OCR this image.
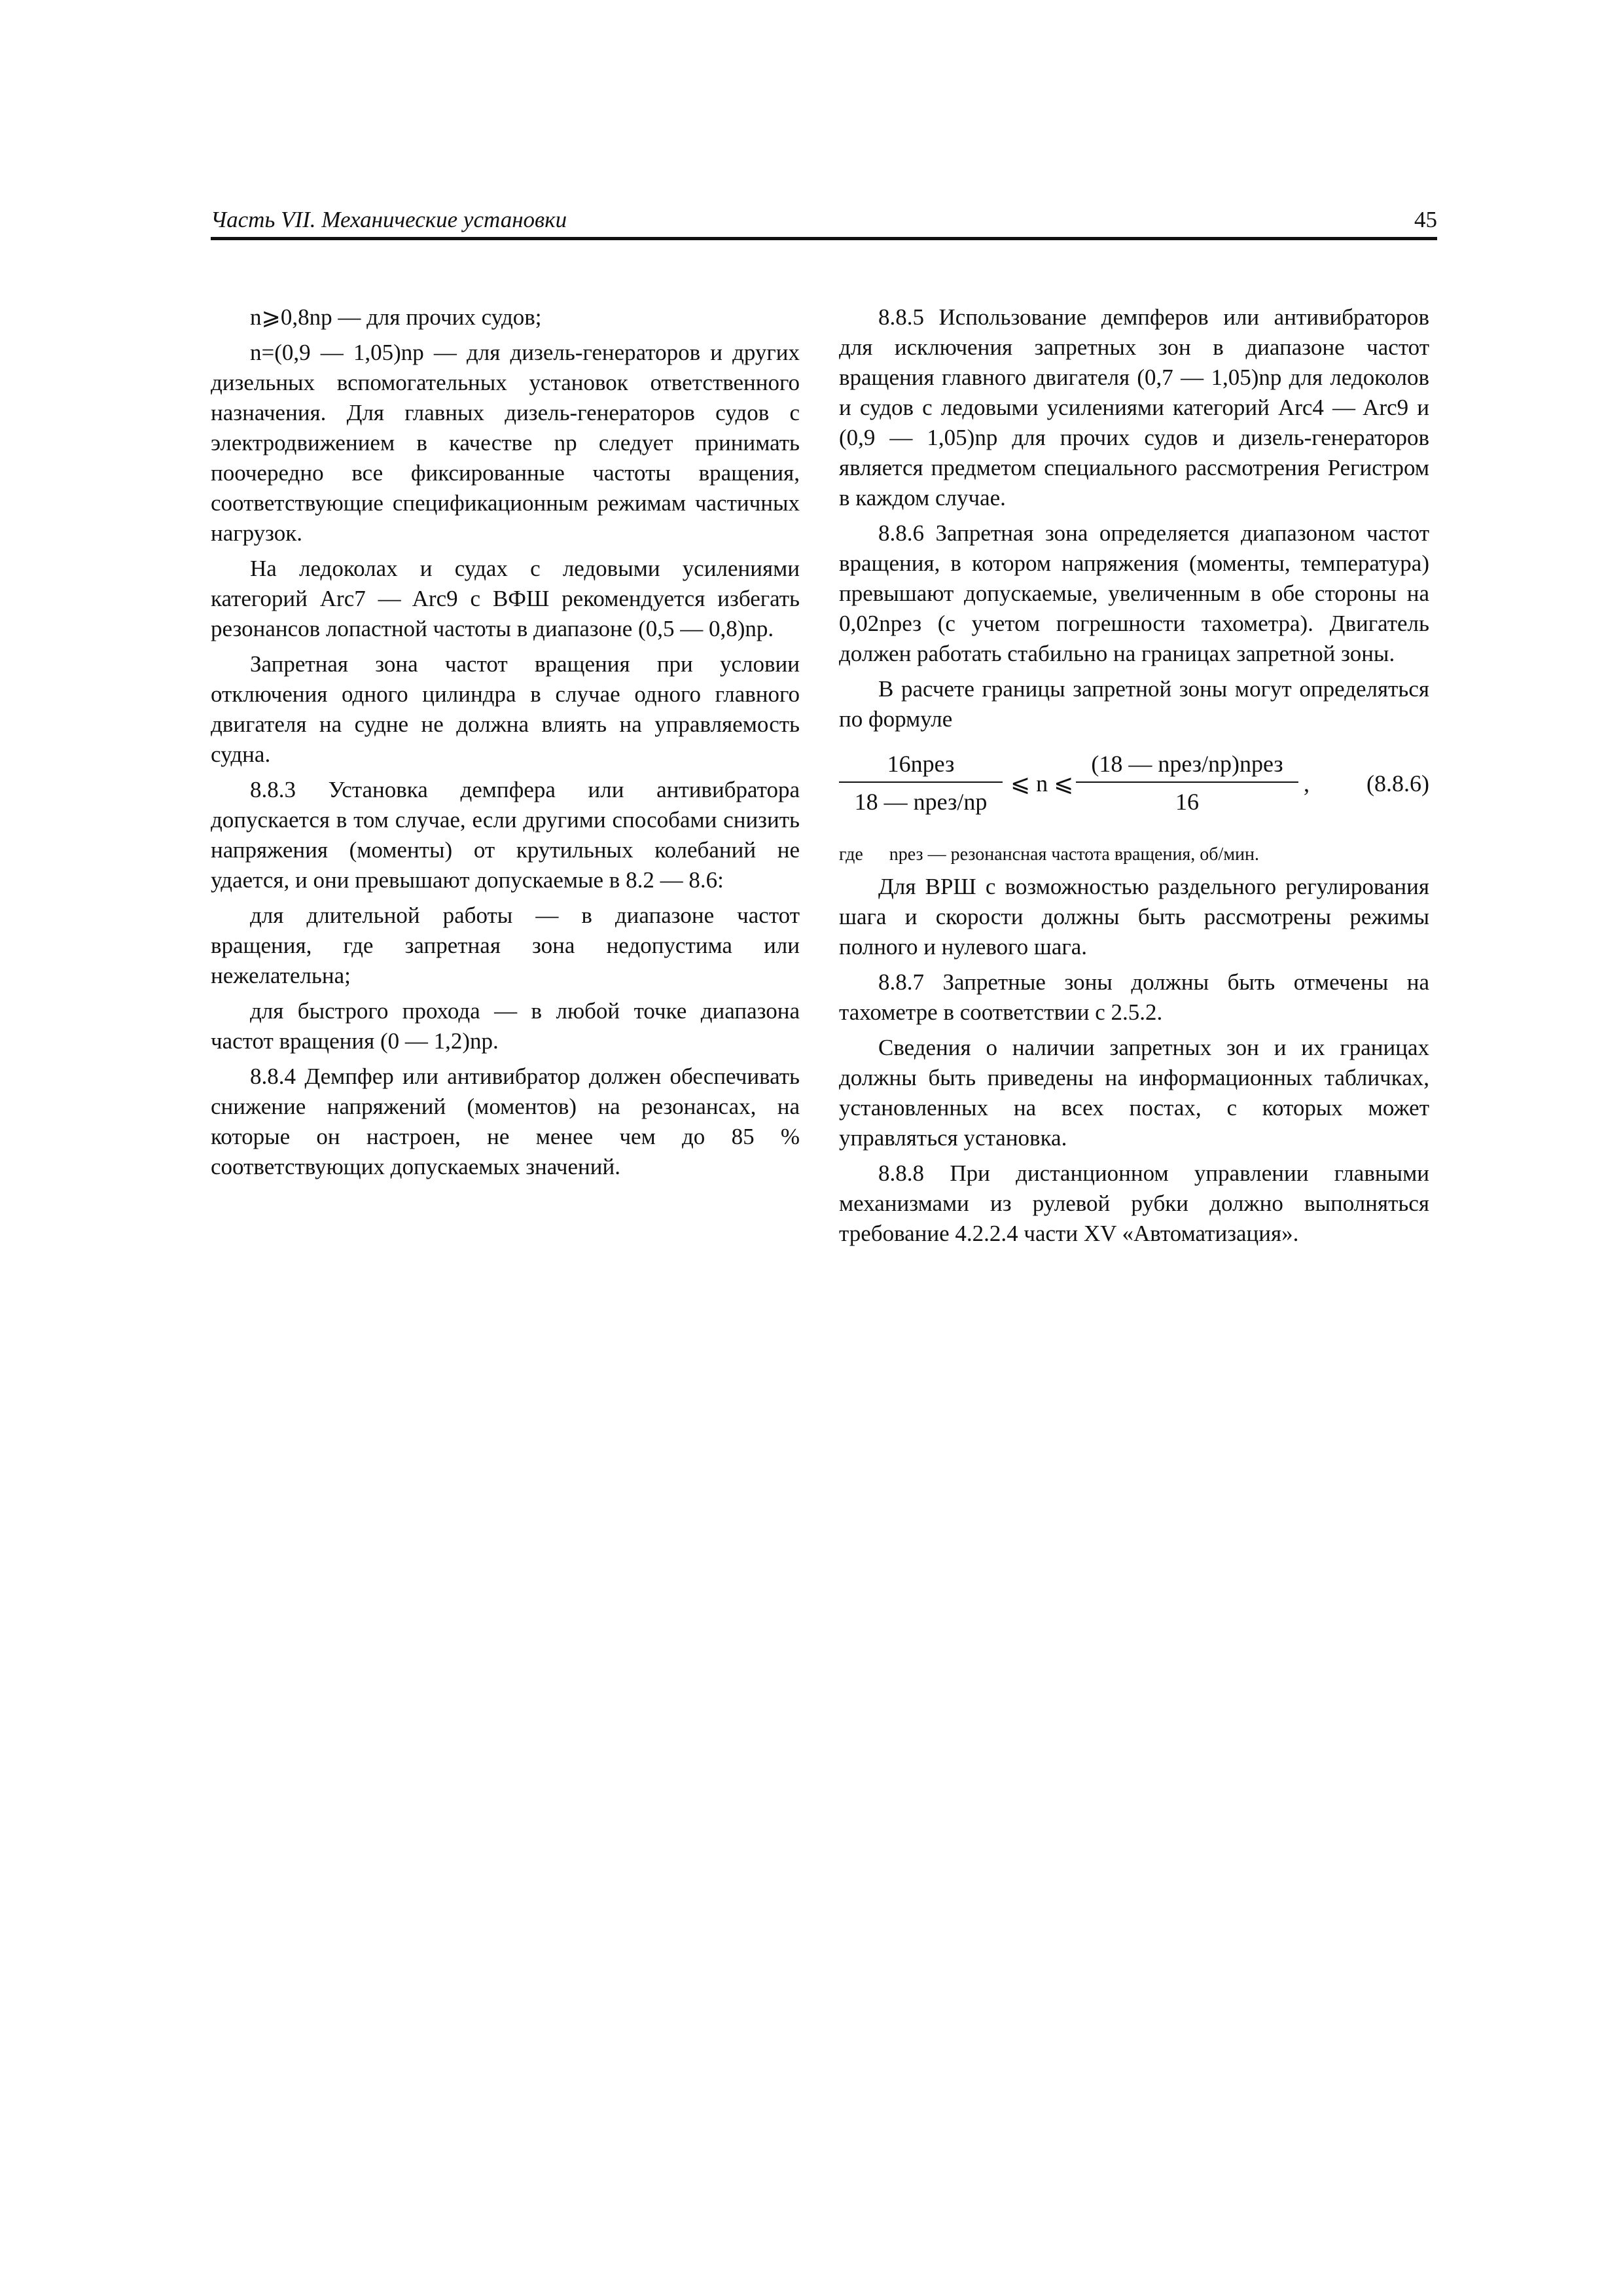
Часть VII. Механические установки	45

n⩾0,8nр — для прочих судов;

n=(0,9 — 1,05)nр — для дизель-генераторов и других дизельных вспомогательных установок ответственного назначения. Для главных дизель-генераторов судов с электродвижением в качестве nр следует принимать поочередно все фиксированные частоты вращения, соответствующие спецификационным режимам частичных нагрузок.

На ледоколах и судах с ледовыми усилениями категорий Arc7 — Arc9 с ВФШ рекомендуется избегать резонансов лопастной частоты в диапазоне (0,5 — 0,8)nр.

Запретная зона частот вращения при условии отключения одного цилиндра в случае одного главного двигателя на судне не должна влиять на управляемость судна.

8.8.3 Установка демпфера или антивибратора допускается в том случае, если другими способами снизить напряжения (моменты) от крутильных колебаний не удается, и они превышают допускаемые в 8.2 — 8.6:

для длительной работы — в диапазоне частот вращения, где запретная зона недопустима или нежелательна;

для быстрого прохода — в любой точке диапазона частот вращения (0 — 1,2)nр.

8.8.4 Демпфер или антивибратор должен обеспечивать снижение напряжений (моментов) на резонансах, на которые он настроен, не менее чем до 85 % соответствующих допускаемых значений.

8.8.5 Использование демпферов или антивибраторов для исключения запретных зон в диапазоне частот вращения главного двигателя (0,7 — 1,05)nр для ледоколов и судов с ледовыми усилениями категорий Arc4 — Arc9 и (0,9 — 1,05)nр для прочих судов и дизель-генераторов является предметом специального рассмотрения Регистром в каждом случае.

8.8.6 Запретная зона определяется диапазоном частот вращения, в котором напряжения (моменты, температура) превышают допускаемые, увеличенным в обе стороны на 0,02nрез (с учетом погрешности тахометра). Двигатель должен работать стабильно на границах запретной зоны.

В расчете границы запретной зоны могут определяться по формуле

16nрез
18 — nрез/nр
⩽ n ⩽
(18 — nрез/nр)nрез
16
, (8.8.6)

где nрез — резонансная частота вращения, об/мин.

Для ВРШ с возможностью раздельного регулирования шага и скорости должны быть рассмотрены режимы полного и нулевого шага.

8.8.7 Запретные зоны должны быть отмечены на тахометре в соответствии с 2.5.2.

Сведения о наличии запретных зон и их границах должны быть приведены на информационных табличках, установленных на всех постах, с которых может управляться установка.

8.8.8 При дистанционном управлении главными механизмами из рулевой рубки должно выполняться требование 4.2.2.4 части XV «Автоматизация».
